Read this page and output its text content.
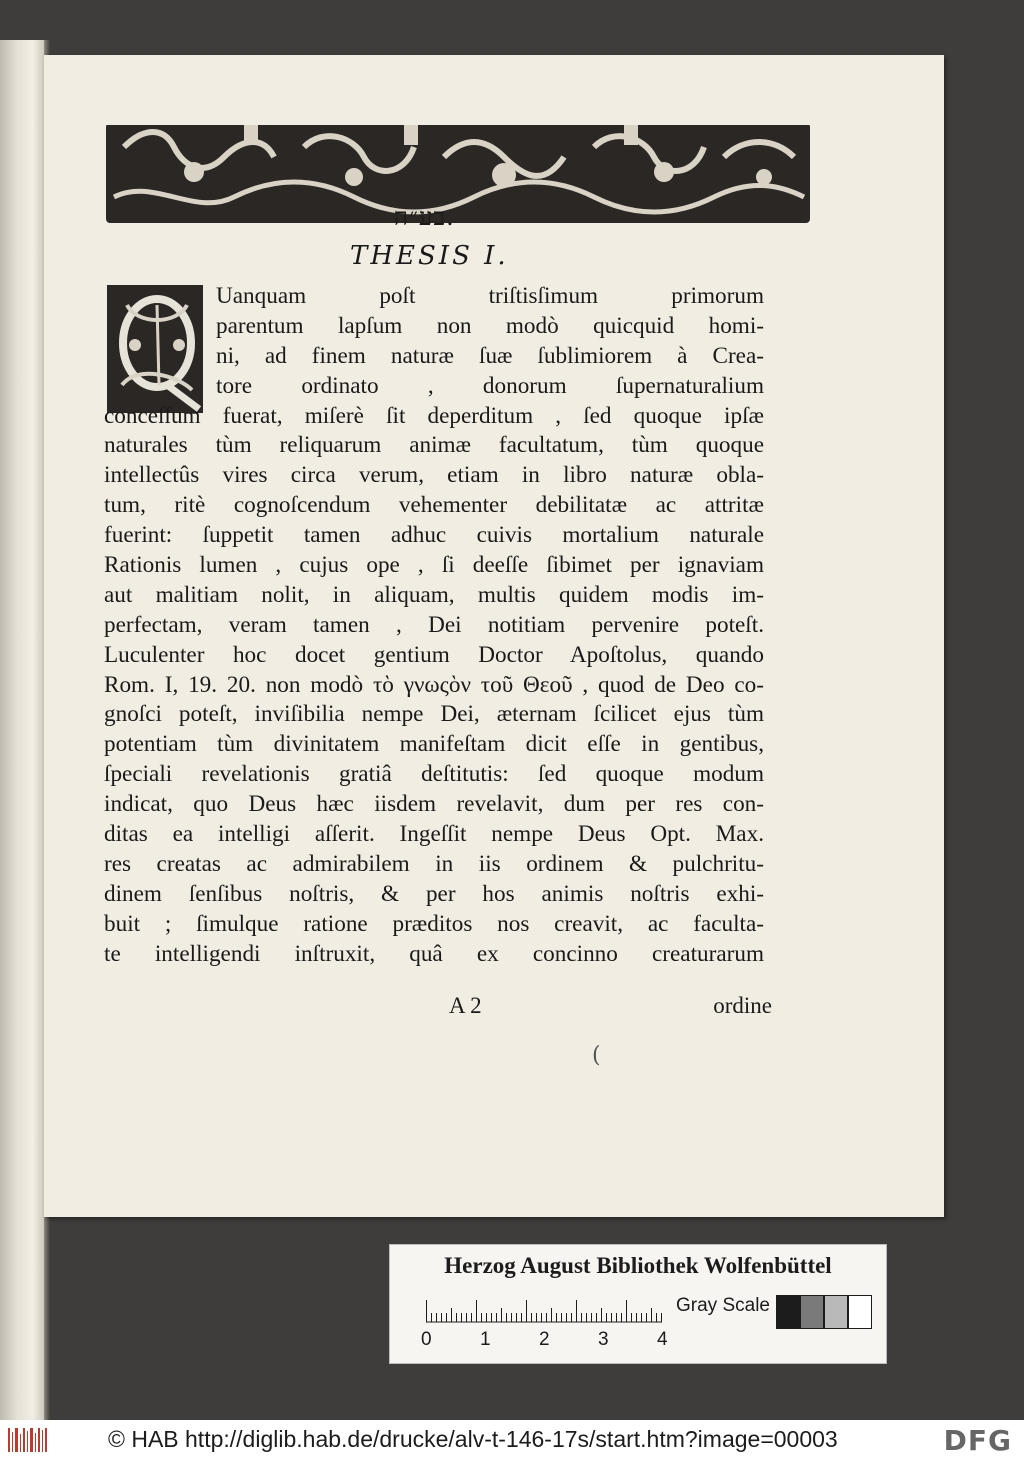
בע״ה.
THESIS I.
Uanquam poſt triſtisſimum primorum
parentum lapſum non modò quicquid homi-
ni, ad finem naturæ ſuæ ſublimiorem à Crea-
tore ordinato , donorum ſupernaturalium
conceſſum fuerat, miſerè ſit deperditum , ſed quoque ipſæ
naturales tùm reliquarum animæ facultatum, tùm quoque
intellectûs vires circa verum, etiam in libro naturæ obla-
tum, ritè cognoſcendum vehementer debilitatæ ac attritæ
fuerint: ſuppetit tamen adhuc cuivis mortalium naturale
Rationis lumen , cujus ope , ſi deeſſe ſibimet per ignaviam
aut malitiam nolit, in aliquam, multis quidem modis im-
perfectam, veram tamen , Dei notitiam pervenire poteſt.
Luculenter hoc docet gentium Doctor Apoſtolus, quando
Rom. I, 19. 20. non modò τὸ γνωςὸν τοῦ Θεοῦ , quod de Deo co-
gnoſci poteſt, inviſibilia nempe Dei, æternam ſcilicet ejus tùm
potentiam tùm divinitatem manifeſtam dicit eſſe in gentibus,
ſpeciali revelationis gratiâ deſtitutis: ſed quoque modum
indicat, quo Deus hæc iisdem revelavit, dum per res con-
ditas ea intelligi aſſerit. Ingeſſit nempe Deus Opt. Max.
res creatas ac admirabilem in iis ordinem & pulchritu-
dinem ſenſibus noſtris, & per hos animis noſtris exhi-
buit ; ſimulque ratione præditos nos creavit, ac faculta-
te intelligendi inſtruxit, quâ ex concinno creaturarum
A 2	ordine
(
Herzog August Bibliothek Wolfenbüttel
0	1	2	3	4
Gray Scale
© HAB http://diglib.hab.de/drucke/alv-t-146-17s/start.htm?image=00003	DFG
